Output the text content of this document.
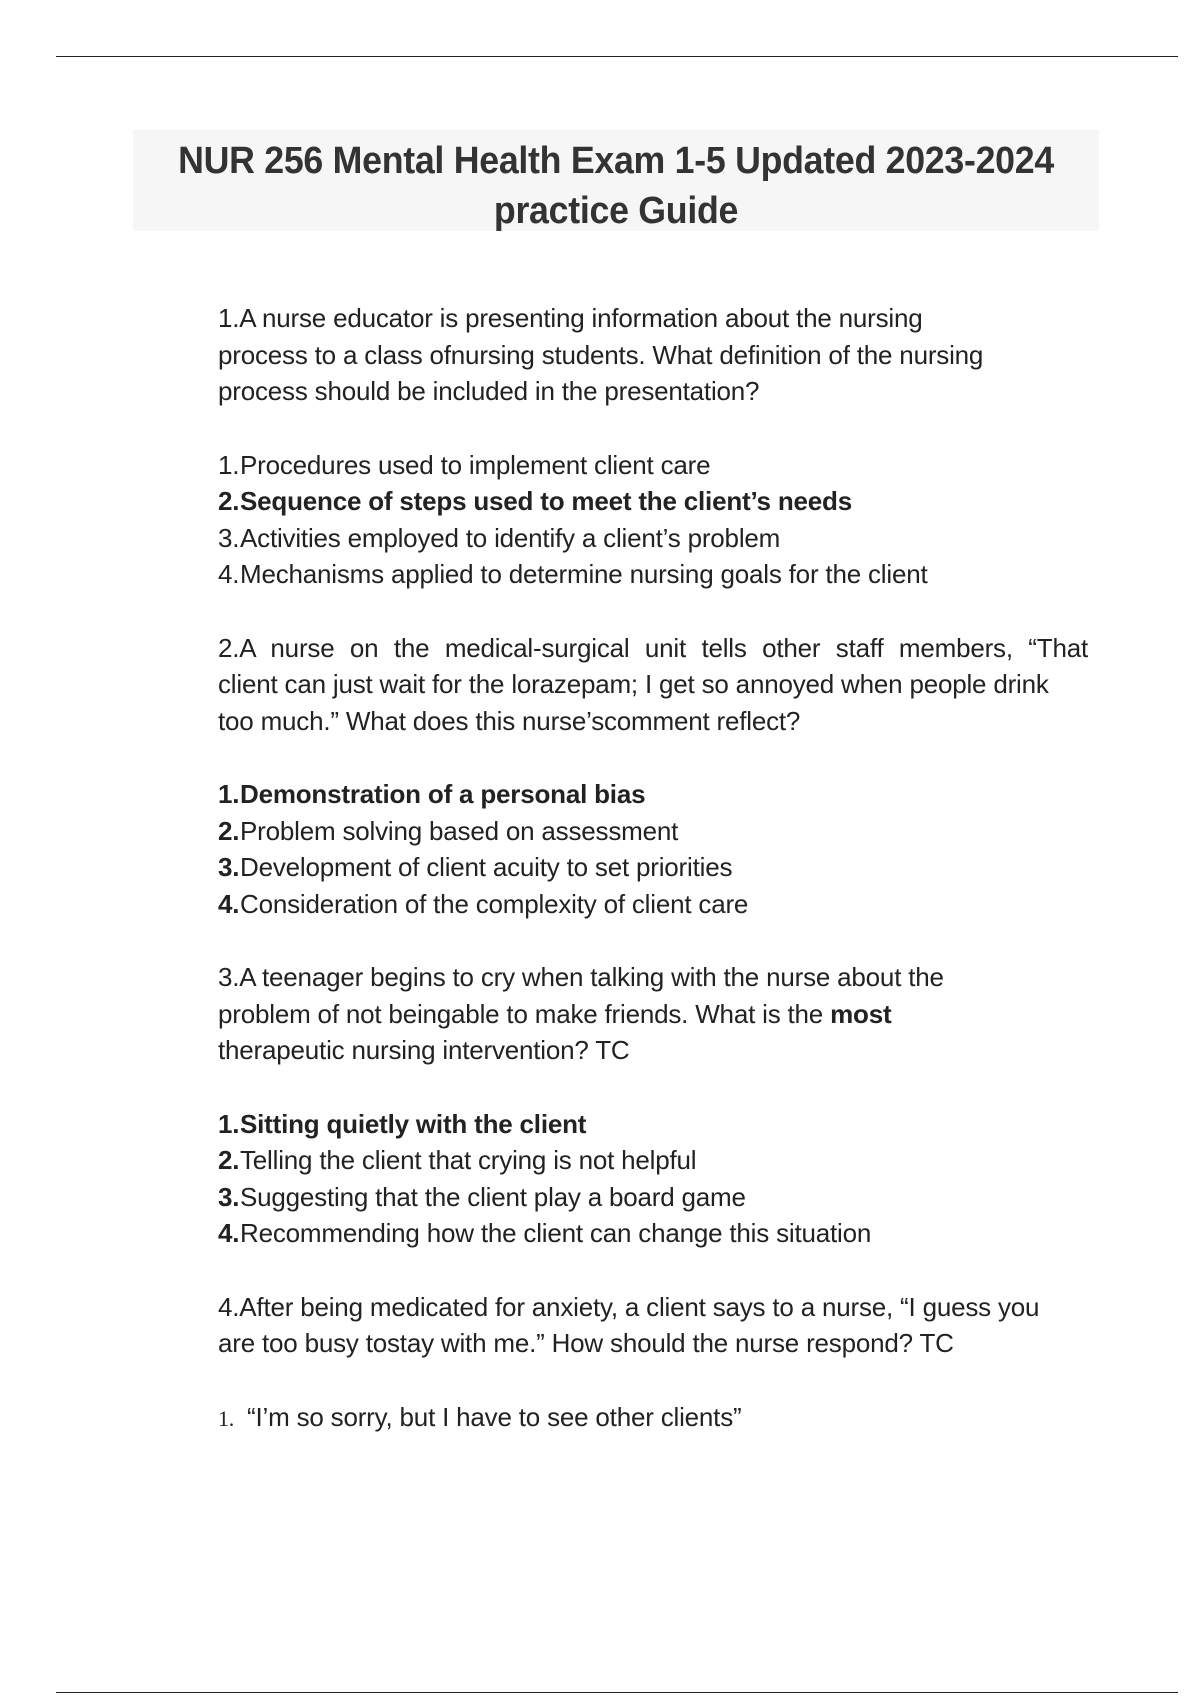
NUR 256 Mental Health Exam 1-5 Updated 2023-2024
practice Guide

1.A nurse educator is presenting information about the nursing
process to a class ofnursing students. What definition of the nursing
process should be included in the presentation?

1.Procedures used to implement client care
2.Sequence of steps used to meet the client’s needs
3.Activities employed to identify a client’s problem
4.Mechanisms applied to determine nursing goals for the client

2.A nurse on the medical-surgical unit tells other staff members, “That
client can just wait for the lorazepam; I get so annoyed when people drink
too much.” What does this nurse’scomment reflect?

1.Demonstration of a personal bias
2.Problem solving based on assessment
3.Development of client acuity to set priorities
4.Consideration of the complexity of client care

3.A teenager begins to cry when talking with the nurse about the
problem of not beingable to make friends. What is the most
therapeutic nursing intervention? TC

1.Sitting quietly with the client
2.Telling the client that crying is not helpful
3.Suggesting that the client play a board game
4.Recommending how the client can change this situation

4.After being medicated for anxiety, a client says to a nurse, “I guess you
are too busy tostay with me.” How should the nurse respond? TC

1. “I’m so sorry, but I have to see other clients”
